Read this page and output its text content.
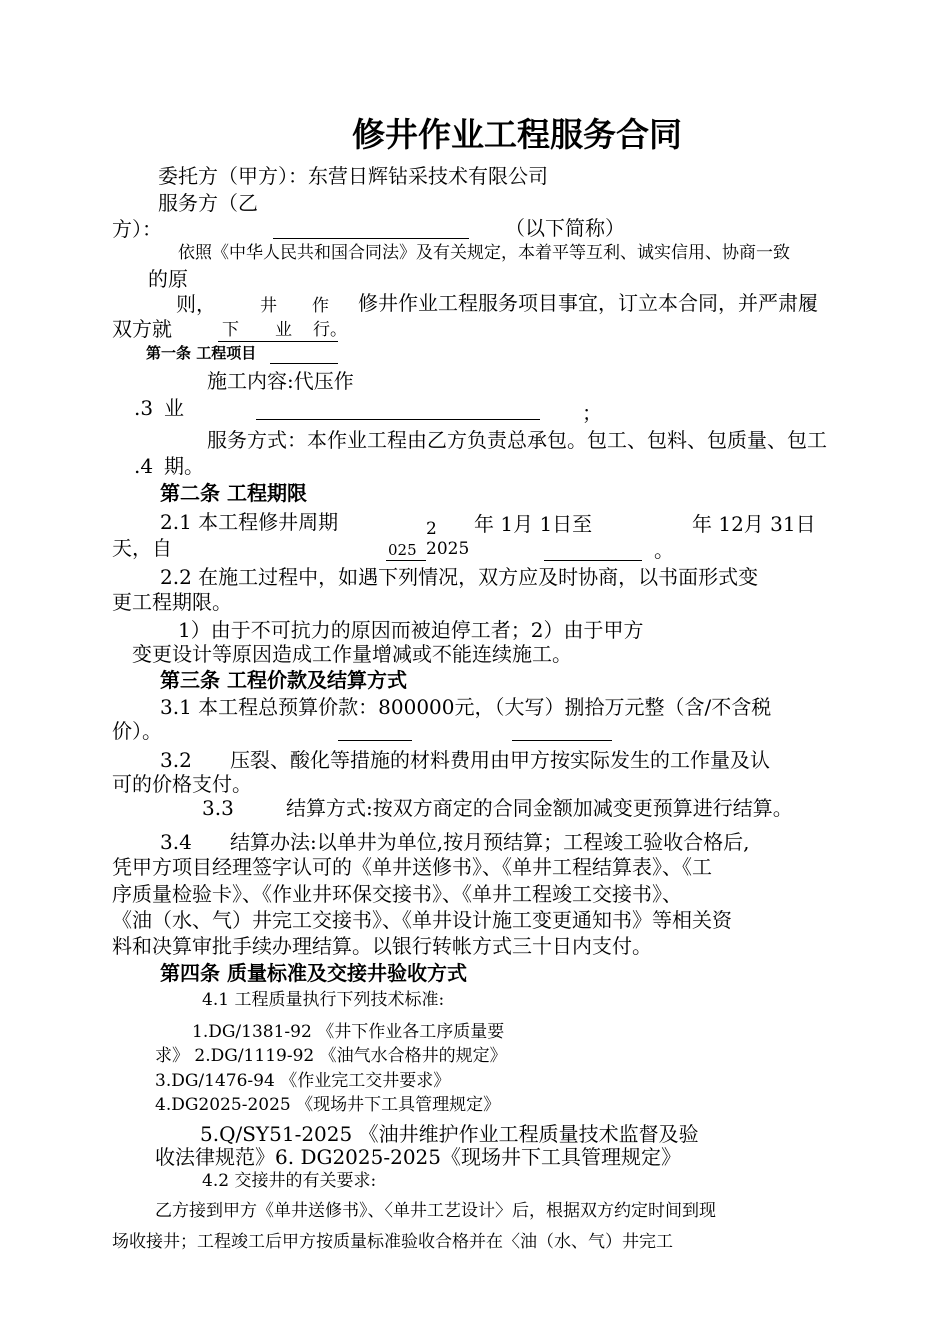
修井作业工程服务合同
委托方（甲方）：东营日辉钻采技术有限公司
服务方（乙
方）：	（以下简称）
依照《中华人民共和国合同法》及有关规定，本着平等互利、诚实信用、协商一致
的原
则，	井 作 修井作业工程服务项目事宜，订立本合同，并严肃履
双方就	下 业 行。
第一条 工程项目
施工内容:代压作
.3 业	；
服务方式：本作业工程由乙方负责总承包。包工、包料、包质量、包工
.4 期。
第二条 工程期限
2.1 本工程修井周期	2 年 1月 1日至	年 12月 31日
天，自	025 2025	。
2.2 在施工过程中，如遇下列情况，双方应及时协商，以书面形式变
更工程期限。
1）由于不可抗力的原因而被迫停工者；2）由于甲方
变更设计等原因造成工作量增减或不能连续施工。
第三条 工程价款及结算方式
3.1 本工程总预算价款：800000元，（大写）捌拾万元整（含/不含税
价）。
3.2 压裂、酸化等措施的材料费用由甲方按实际发生的工作量及认
可的价格支付。
3.3	结算方式:按双方商定的合同金额加减变更预算进行结算。
3.4 结算办法:以单井为单位,按月预结算；工程竣工验收合格后,
凭甲方项目经理签字认可的《单井送修书》、《单井工程结算表》、《工
序质量检验卡》、《作业井环保交接书》、《单井工程竣工交接书》、
《油（水、气）井完工交接书》、《单井设计施工变更通知书》等相关资
料和决算审批手续办理结算。以银行转帐方式三十日内支付。
第四条 质量标准及交接井验收方式
4.1 工程质量执行下列技术标准:
1.DG/1381-92 《井下作业各工序质量要
求》 2.DG/1119-92 《油气水合格井的规定》
3.DG/1476-94 《作业完工交井要求》
4.DG2025-2025 《现场井下工具管理规定》
5.Q/SY51-2025 《油井维护作业工程质量技术监督及验
收法律规范》6. DG2025-2025《现场井下工具管理规定》
4.2 交接井的有关要求:
乙方接到甲方《单井送修书》、〈单井工艺设计〉后，根据双方约定时间到现
场收接井；工程竣工后甲方按质量标准验收合格并在〈油（水、气）井完工
